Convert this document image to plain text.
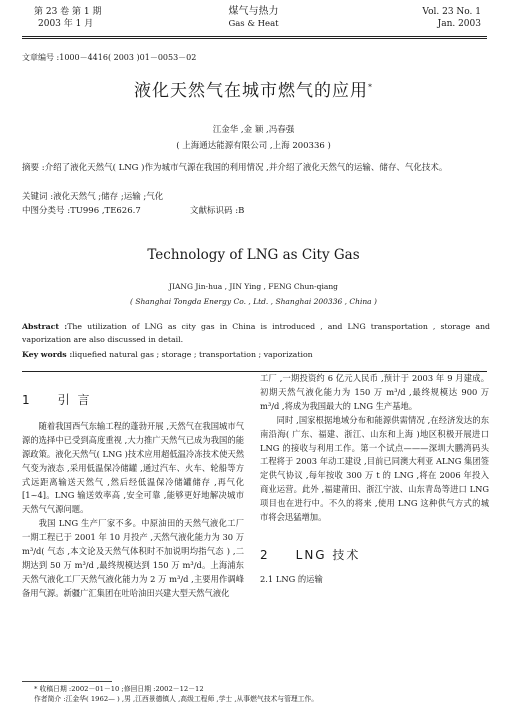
第 23 卷 第 1 期
2003 年 1 月
煤气与热力
Gas & Heat
Vol. 23 No. 1
Jan. 2003
文章编号 :1000－4416( 2003 )01－0053－02
液化天然气在城市燃气的应用*
江金华 ,金 颖 ,冯春强
( 上海通达能源有限公司 ,上海 200336 )
摘要 :介绍了液化天然气( LNG )作为城市气源在我国的利用情况 ,并介绍了液化天然气的运输、储存、气化技术。
关键词 :液化天然气 ;储存 ;运输 ;气化
中图分类号 :TU996 ,TE626.7	文献标识码 :B
Technology of LNG as City Gas
JIANG Jin-hua , JIN Ying , FENG Chun-qiang
( Shanghai Tongda Energy Co. , Ltd. , Shanghai 200336 , China )
Abstract :The utilization of LNG as city gas in China is introduced , and LNG transportation , storage and vaporization are also discussed in detail.
Key words :liquefied natural gas ; storage ; transportation ; vaporization
1 引 言

随着我国西气东输工程的蓬勃开展 ,天然气在我国城市气源的选择中已受到高度重视 ,大力推广天然气已成为我国的能源政策。液化天然气( LNG )技术应用超低温冷冻技术使天然气变为液态 ,采用低温保冷储罐 ,通过汽车、火车、轮船等方式远距离输送天然气 ,然后经低温保冷储罐储存 ,再气化[1~4]。LNG 输送效率高 ,安全可靠 ,能够更好地解决城市天然气气源问题。

我国 LNG 生产厂家不多。中原油田的天然气液化工厂一期工程已于 2001 年 10 月投产 ,天然气液化能力为 30 万 m³/d( 气态 ,本文论及天然气体积时不加说明均指气态 ) ,二期达到 50 万 m³/d ,最终规模达到 150 万 m³/d。上海浦东天然气液化工厂天然气液化能力为 2 万 m³/d ,主要用作调峰备用气源。新疆广汇集团在吐哈油田兴建大型天然气液化

工厂 ,一期投资约 6 亿元人民币 ,预计于 2003 年 9 月建成。初期天然气液化能力为 150 万 m³/d ,最终规模达 900 万 m³/d ,将成为我国最大的 LNG 生产基地。

同时 ,国家根据地域分布和能源供需情况 ,在经济发达的东南沿海( 广东、福建、浙江、山东和上海 )地区积极开展进口 LNG 的接收与利用工作。第一个试点———深圳大鹏湾码头工程将于 2003 年动工建设 ,目前已同澳大利亚 ALNG 集团签定供气协议 ,每年按收 300 万 t 的 LNG ,将在 2006 年投入商业运营。此外 ,福建莆田、浙江宁波、山东青岛等进口 LNG 项目也在进行中。不久的将来 ,使用 LNG 这种供气方式的城市将会迅猛增加。

2 LNG 技术
2.1 LNG 的运输
* 收稿日期 :2002－01－10 ;修回日期 :2002－12－12
作者简介 :江金华( 1962— ) ,男 ,江西景德镇人 ,高级工程师 ,学士 ,从事燃气技术与管理工作。
